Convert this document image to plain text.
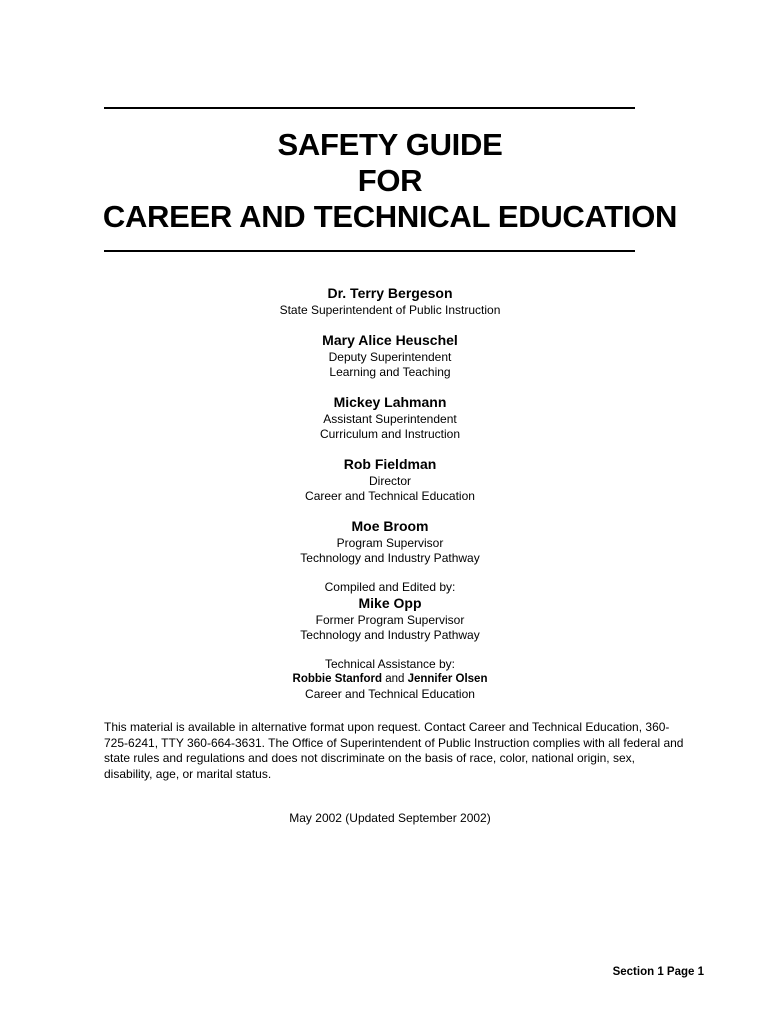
SAFETY GUIDE
FOR
CAREER AND TECHNICAL EDUCATION
Dr. Terry Bergeson
State Superintendent of Public Instruction
Mary Alice Heuschel
Deputy Superintendent
Learning and Teaching
Mickey Lahmann
Assistant Superintendent
Curriculum and Instruction
Rob Fieldman
Director
Career and Technical Education
Moe Broom
Program Supervisor
Technology and Industry Pathway
Compiled and Edited by:
Mike Opp
Former Program Supervisor
Technology and Industry Pathway
Technical Assistance by:
Robbie Stanford and Jennifer Olsen
Career and Technical Education
This material is available in alternative format upon request. Contact Career and Technical Education, 360-725-6241, TTY 360-664-3631. The Office of Superintendent of Public Instruction complies with all federal and state rules and regulations and does not discriminate on the basis of race, color, national origin, sex, disability, age, or marital status.
May 2002 (Updated September 2002)
Section 1 Page 1
